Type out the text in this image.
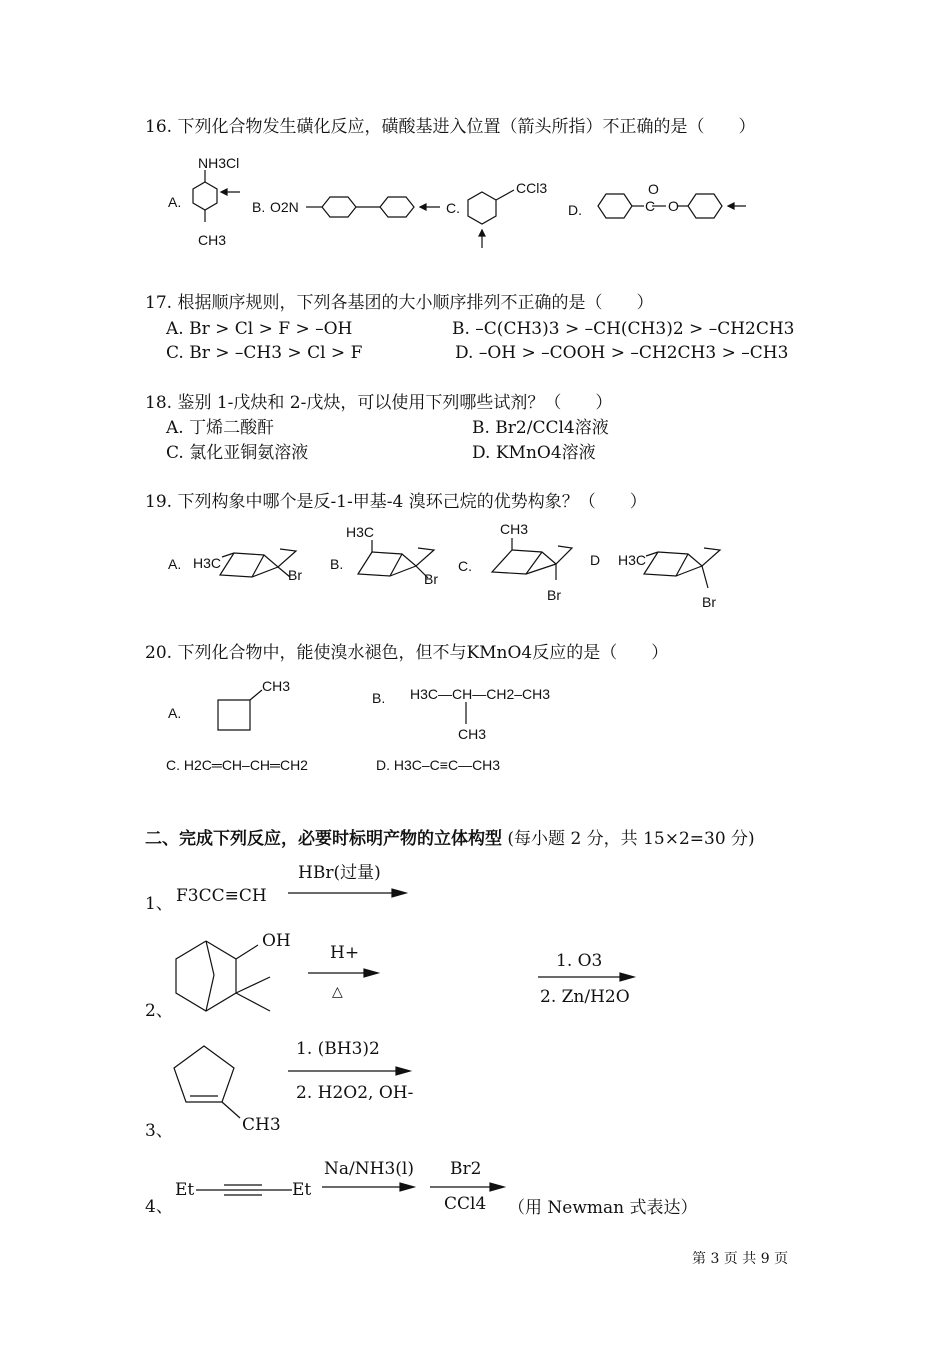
16. 下列化合物发生磺化反应，磺酸基进入位置（箭头所指）不正确的是（　　）
NH3Cl
A.
CH3
B. O2N	C.
CCl3
D.
O
C O
17. 根据顺序规则，下列各基团的大小顺序排列不正确的是（　　）
A. Br > Cl > F > –OH	B. –C(CH3)3 > –CH(CH3)2 > –CH2CH3
C. Br > –CH3 > Cl > F	D. –OH > –COOH > –CH2CH3 > –CH3
18. 鉴别 1-戊炔和 2-戊炔，可以使用下列哪些试剂？（　　）
A. 丁烯二酸酐	B. Br2/CCl4溶液
C. 氯化亚铜氨溶液	D. KMnO4溶液
19. 下列构象中哪个是反-1-甲基-4 溴环己烷的优势构象？（　　）
A. H3C
Br
B.
H3C
Br
C.
CH3
Br
D H3C
Br
20. 下列化合物中，能使溴水褪色，但不与KMnO4反应的是（　　）
A.
CH3
B. H3C—CH—CH2–CH3
CH3
C. H2C═CH–CH═CH2	D. H3C–C≡C—CH3
二、完成下列反应，必要时标明产物的立体构型 (每小题 2 分，共 15×2=30 分)
1、 F3CC≡CH
HBr(过量)
2、
OH
H+
△
1. O3
2. Zn/H2O
3、	CH3
1. (BH3)2
2. H2O2, OH-
4、
Et	Et
Na/NH3(l) Br2
CCl4 （用 Newman 式表达）
第 3 页 共 9 页
